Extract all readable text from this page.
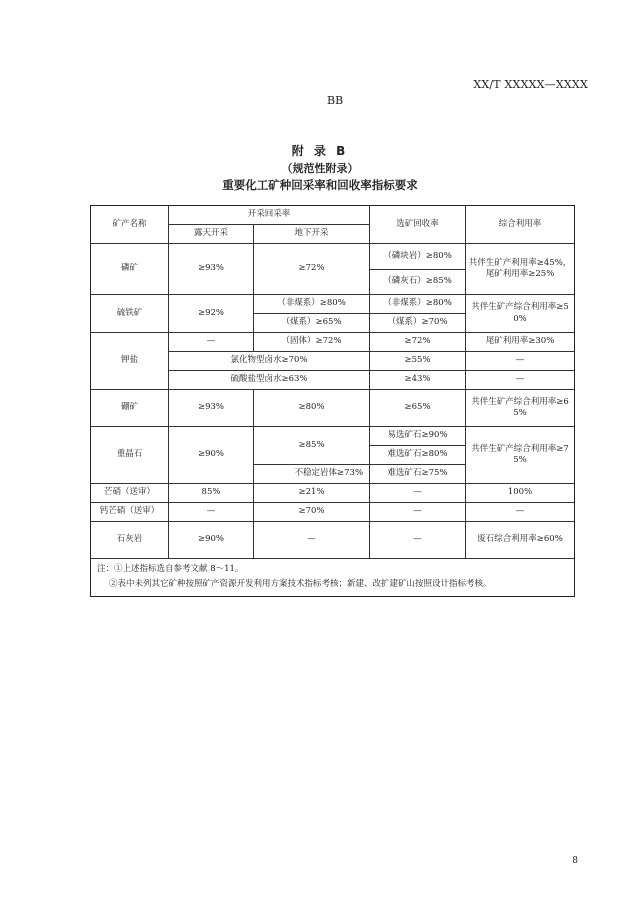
XX/T XXXXX—XXXX
BB
附 录 B
（规范性附录）
重要化工矿种回采率和回收率指标要求
矿产名称	开采回采率		选矿回收率	综合利用率
	露天开采	地下开采		
磷矿	≥93%	≥72%	（磷块岩）≥80%	共伴生矿产利用率≥45%，尾矿利用率≥25%
			（磷灰石）≥85%	
硫铁矿	≥92%	（非煤系）≥80%	（非煤系）≥80%	共伴生矿产综合利用率≥50%
		（煤系）≥65%	（煤系）≥70%	
钾盐	—	（固体）≥72%	≥72%	尾矿利用率≥30%
	氯化物型卤水≥70%		≥55%	—
	硫酸盐型卤水≥63%		≥43%	—
硼矿	≥93%	≥80%	≥65%	共伴生矿产综合利用率≥65%
重晶石	≥90%	≥85%	易选矿石≥90%	共伴生矿产综合利用率≥75%
			难选矿石≥80%	
		不稳定岩体≥73%	难选矿石≥75%	
芒硝（送审）	85%	≥21%	—	100%
钙芒硝（送审）	—	≥70%	—	—
石灰岩	≥90%	—	—	废石综合利用率≥60%

注：①上述指标选自参考文献 8～11。
②表中未列其它矿种按照矿产资源开发利用方案技术指标考核；新建、改扩建矿山按照设计指标考核。				
8
